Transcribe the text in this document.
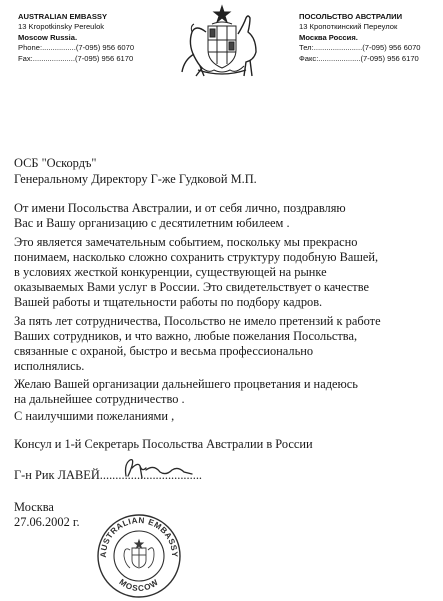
AUSTRALIAN EMBASSY
13 Kropotkinsky Pereulok
Moscow Russia.
Phone:................(7-095) 956 6070
Fax:....................(7-095) 956 6170
ПОСОЛЬСТВО АВСТРАЛИИ
13 Кропоткинский Переулок
Москва Россия.
Тел:.......................(7-095) 956 6070
Факс:....................(7-095) 956 6170
ОСБ "Оскордъ"
Генеральному Директору Г-же Гудковой М.П.
От имени Посольства Австралии, и от себя лично, поздравляю
Вас и Вашу организацию с десятилетним юбилеем .
Это является замечательным событием, поскольку мы прекрасно
понимаем, насколько сложно сохранить структуру подобную Вашей,
в условиях жесткой конкуренции, существующей на рынке
оказываемых Вами услуг в России. Это свидетельствует о качестве
Вашей работы и тщательности работы по подбору кадров.
За пять лет сотрудничества, Посольство не имело претензий к работе
Ваших сотрудников, и что важно, любые пожелания Посольства,
связанные с охраной, быстро и весьма профессионально
исполнялись.
Желаю Вашей организации дальнейшего процветания и надеюсь
на дальнейшее сотрудничество .
С наилучшими пожеланиями ,
Консул и 1-й Секретарь Посольства Австралии в России
Г-н Рик ЛАВЕЙ.................................
Москва
27.06.2002 г.
AUSTRALIAN EMBASSY
MOSCOW
